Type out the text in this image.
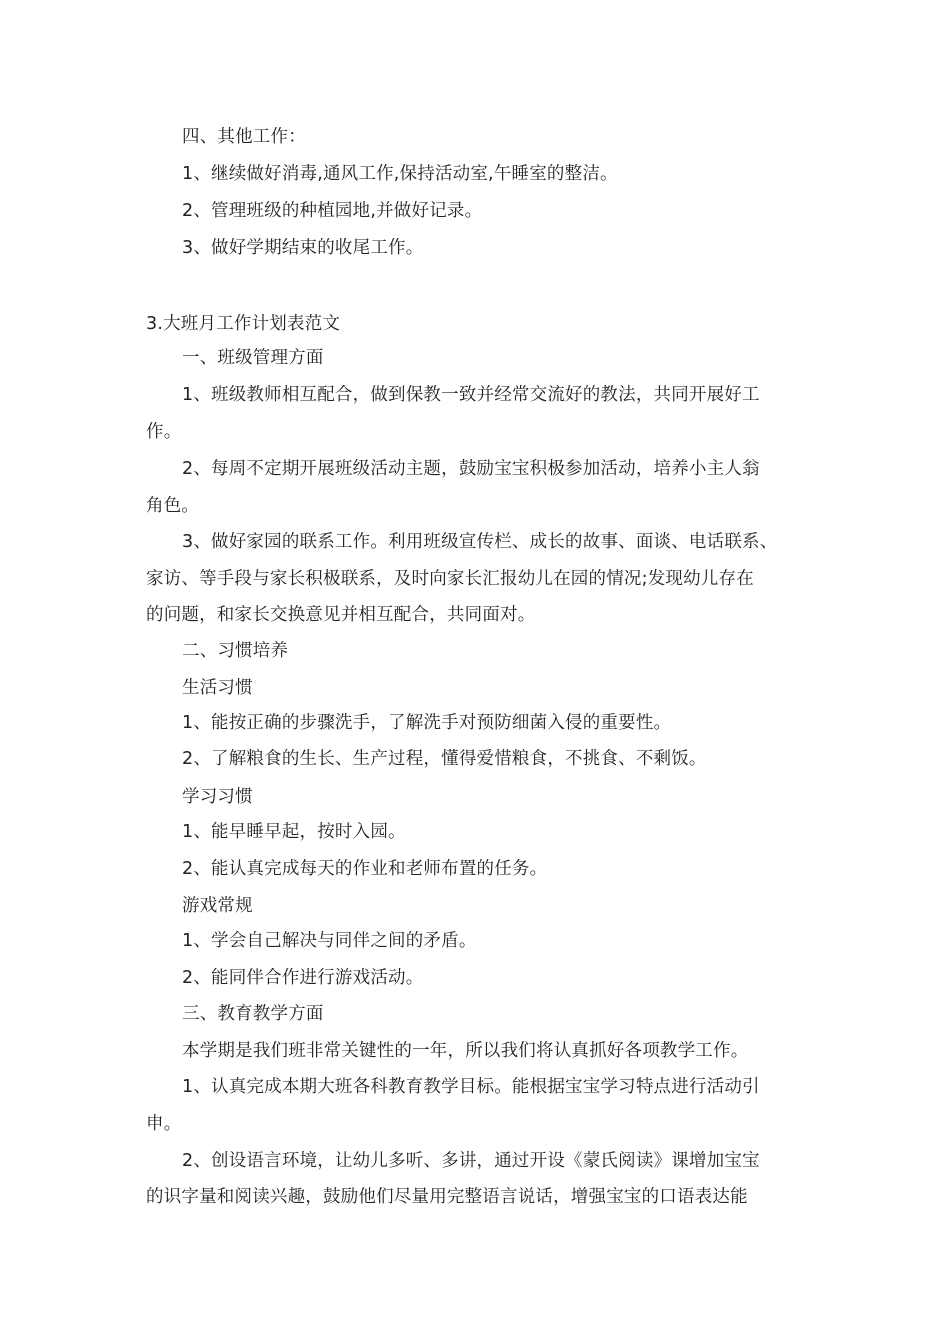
四、其他工作：
1、继续做好消毒,通风工作,保持活动室,午睡室的整洁。
2、管理班级的种植园地,并做好记录。
3、做好学期结束的收尾工作。
3.大班月工作计划表范文
一、班级管理方面
1、班级教师相互配合，做到保教一致并经常交流好的教法，共同开展好工
作。
2、每周不定期开展班级活动主题，鼓励宝宝积极参加活动，培养小主人翁
角色。
3、做好家园的联系工作。利用班级宣传栏、成长的故事、面谈、电话联系、
家访、等手段与家长积极联系，及时向家长汇报幼儿在园的情况;发现幼儿存在
的问题，和家长交换意见并相互配合，共同面对。
二、习惯培养
生活习惯
1、能按正确的步骤洗手，了解洗手对预防细菌入侵的重要性。
2、了解粮食的生长、生产过程，懂得爱惜粮食，不挑食、不剩饭。
学习习惯
1、能早睡早起，按时入园。
2、能认真完成每天的作业和老师布置的任务。
游戏常规
1、学会自己解决与同伴之间的矛盾。
2、能同伴合作进行游戏活动。
三、教育教学方面
本学期是我们班非常关键性的一年，所以我们将认真抓好各项教学工作。
1、认真完成本期大班各科教育教学目标。能根据宝宝学习特点进行活动引
申。
2、创设语言环境，让幼儿多听、多讲，通过开设《蒙氏阅读》课增加宝宝
的识字量和阅读兴趣，鼓励他们尽量用完整语言说话，增强宝宝的口语表达能
